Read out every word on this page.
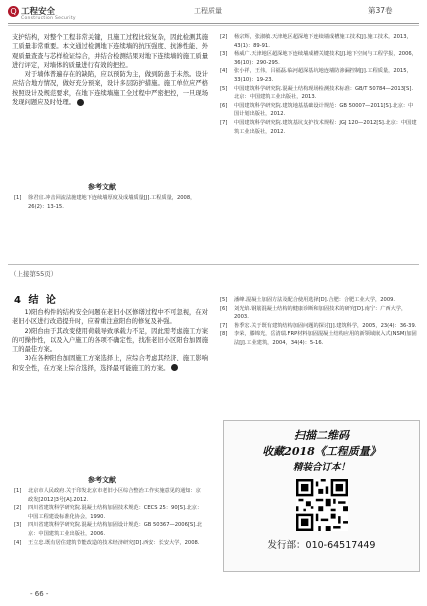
Q 工程安全
Construction Security
工程质量	第37卷

支护结构，对整个工程非常关键，且施工过程比较复杂，因此检测其施工质量非常重要。本文通过检测地下连续墙的抗压强度、抗渗性能、外观质量查查与芯样检证综合，并结合检测结果对地下连续墙的施工质量进行评定，对墙体的质量进行有效的把控。

对于墙体普遍存在的缺陷，应以预防为主，做到防患于未然。设计应结合地方情况，做好充分预案，设计多层防护措施。施工单位应严格按照设计及规范要求，在地下连续墙施工全过程中严密把控，一旦现场发现问题应及时处理。	Q

参考文献
[1]	徐君宜.冲击回流法施建地下连续墙厚度及成墙质量[J].工程质量，2008，26(2)：13-15.
[2]	杨宗辉，张淑敏.天津地区超深地下连续墙成槽施工技术[J].施工技术，2013，43(1)：89-91.
[3]	杨威广.天津地区超深地下连续墙成槽关键技术[J].地下空间与工程学报，2006，36(10)：290-295.
[4]	张小祥，王伟，吕福磊.临河超深基坑地连墙防渗漏控制[J].工程质量，2015，33(10)：19-23.
[5]	中国建筑科学研究院.混凝土结构现场检测技术标准：GB/T 50784—2013[S].北京：中国建筑工业出版社，2013.
[6]	中国建筑科学研究院.建筑地基基础设计规范：GB 50007—2011[S].北京：中国计划出版社，2012.
[7]	中国建筑科学研究院.建筑基坑支护技术规程：JGJ 120—2012[S].北京：中国建筑工业出版社，2012.
（上接第55页）
4 结 论

1)阳台构件的结构安全问题在老旧小区修缮过程中不可忽视，在对老旧小区进行改造提升时，应着重注意阳台的修复及补强。

2)阳台由于其改变使用荷载导致承载力不足，因此需考虑施工方案的可操作性，以及入户施工的各项不确定性，找准老旧小区阳台加固施工的最佳方案。

3)在各种阳台加固施工方案选择上，应综合考虑其经济、施工影响和安全性，在方案上综合选择，选择最可能施工的方案。	Q

参考文献
[1]	北京市人民政府.关于印发北京市老旧小区综合整治工作实施意见的通知：京政发[2012]3号[A].2012.
[2]	四川省建筑科学研究院.混凝土结构加固技术规范：CECS 25：90[S].北京：中国工程建设标准化协会，1990.
[3]	四川省建筑科学研究院.混凝土结构加固设计规范：GB 50367—2006[S].北京：中国建筑工业出版社，2006.
[4]	王立忠.既有居住建筑节能改造的技术经济研究[D].西安：长安大学，2008.
[5]	潘峰.混凝土加固方法及配合使用选择[D].合肥：合肥工业大学，2009.
[6]	刘光焰.钢筋混凝土结构的健康诊断和加固技术的研究[D].南宁：广西大学，2003.
[7]	鲁季宏.关于既有建筑结构加固问题的探讨[J].建筑科学，2005，23(4)：36-39.
[8]	李荣，滕锦光，岳清瑞.FRP材料加固混凝土结构应用的新领域嵌入式(NSM)加固法[J].工业建筑，2004，34(4)：5-16.
扫描二维码
收藏2018《工程质量》
精装合订本！
发行部：010-64517449
- 66 -
